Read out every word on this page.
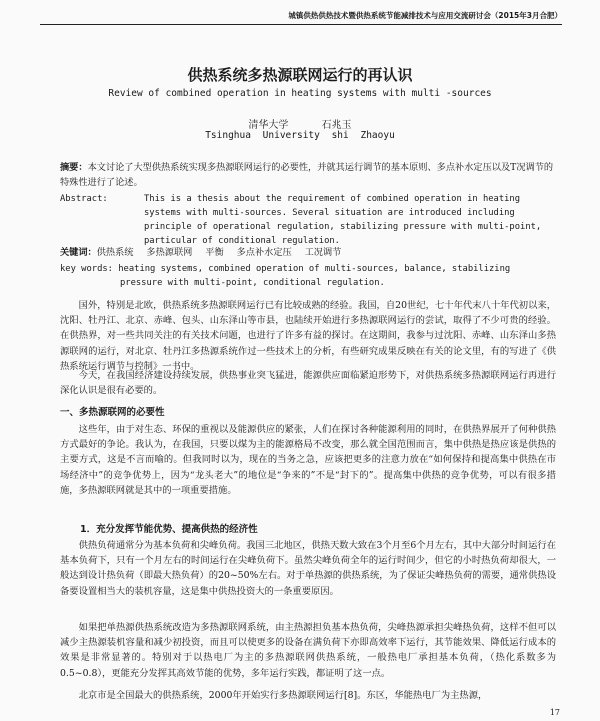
城镇供热供热技术暨供热系统节能减排技术与应用交流研讨会（2015年3月合肥）
供热系统多热源联网运行的再认识
Review of combined operation in heating systems with multi -sources
清华大学 石兆玉
Tsinghua University shi Zhaoyu
摘要：本文讨论了大型供热系统实现多热源联网运行的必要性，并就其运行调节的基本原则、多点补水定压以及Т况调节的特殊性进行了论述。
Abstract:	This is a thesis about the requirement of combined operation in heating systems with multi-sources. Several situation are introduced including principle of operational regulation, stabilizing pressure with multi-point, particular of conditional regulation.
关键词：供热系统 多热源联网 平衡 多点补水定压 工况调节
key words: heating systems, combined operation of multi-sources, balance, stabilizing
pressure with multi-point, conditional regulation.
国外，特别是北欧，供热系统多热源联网运行已有比较成熟的经验。我国，自20世纪，七十年代末八十年代初以来，沈阳、牡丹江、北京、赤峰、包头、山东泽山等市县，也陆续开始进行多热源联网运行的尝试，取得了不少可贵的经验。在供热界，对一些共同关注的有关技术问题，也进行了许多有益的探讨。在这期间，我参与过沈阳、赤峰、山东泽山多热源联网的运行，对北京、牡丹江多热源系统作过一些技术上的分析，有些研究成果反映在有关的论文里，有的写进了《供热系统运行调节与控制》一书中。
今天，在我国经济建设持续发展，供热事业突飞猛进，能源供应面临紧迫形势下，对供热系统多热源联网运行再进行深化认识是很有必要的。
一、多热源联网的必要性
这些年，由于对生态、环保的重视以及能源供应的紧张，人们在探讨各种能源利用的同时，在供热界展开了何种供热方式最好的争论。我认为，在我国，只要以煤为主的能源格局不改变，那么就全国范围而言，集中供热是热应该是供热的主要方式，这是不言而喻的。但我同时以为，现在的当务之急，应该把更多的注意力放在“如何保持和提高集中供热在市场经济中”的竞争优势上，因为“龙头老大”的地位是“争来的”不是“封下的”。提高集中供热的竞争优势，可以有很多措施，多热源联网就是其中的一项重要措施。
1．充分发挥节能优势、提高供热的经济性
供热负荷通常分为基本负荷和尖峰负荷。我国三北地区，供热天数大致在3个月至6个月左右，其中大部分时间运行在基本负荷下，只有一个月左右的时间运行在尖峰负荷下。虽然尖峰负荷全年的运行时间少，但它的小时热负荷却很大，一般达到设计热负荷（即最大热负荷）的20~50%左右。对于单热源的供热系统，为了保证尖峰热负荷的需要，通常供热设备要设置相当大的装机容量，这是集中供热投资大的一条重要原因。
如果把单热源供热系统改造为多热源联网系统，由主热源担负基本热负荷，尖峰热源承担尖峰热负荷，这样不但可以减少主热源装机容量和减少初投资，而且可以使更多的设备在满负荷下亦即高效率下运行，其节能效果、降低运行成本的效果是非常显著的。特别对于以热电厂为主的多热源联网供热系统，一般热电厂承担基本负荷，（热化系数多为0.5~0.8），更能充分发挥其高效节能的优势，多年运行实践，都证明了这一点。
北京市是全国最大的供热系统，2000年开始实行多热源联网运行[8]。东区，华能热电厂为主热源，
17
